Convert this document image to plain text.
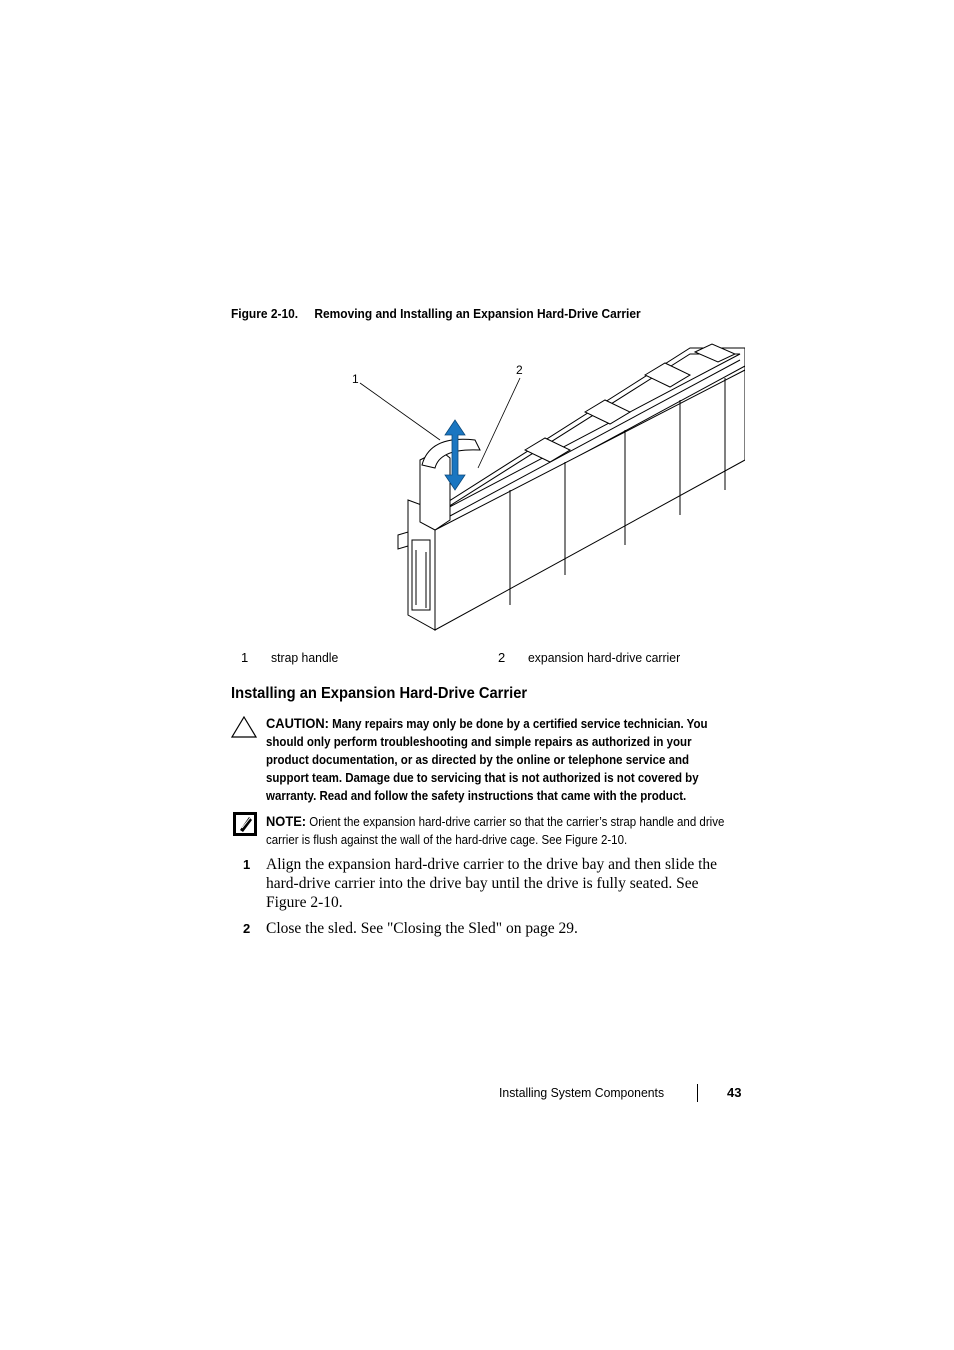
Figure 2-10. Removing and Installing an Expansion Hard-Drive Carrier
1
2
1 strap handle	2 expansion hard-drive carrier
Installing an Expansion Hard-Drive Carrier
CAUTION: Many repairs may only be done by a certified service technician. You should only perform troubleshooting and simple repairs as authorized in your product documentation, or as directed by the online or telephone service and support team. Damage due to servicing that is not authorized is not covered by warranty. Read and follow the safety instructions that came with the product.
NOTE: Orient the expansion hard-drive carrier so that the carrier’s strap handle and drive carrier is flush against the wall of the hard-drive cage. See Figure 2-10.
1 Align the expansion hard-drive carrier to the drive bay and then slide the hard-drive carrier into the drive bay until the drive is fully seated. See Figure 2-10.
2 Close the sled. See "Closing the Sled" on page 29.
Installing System Components	43
